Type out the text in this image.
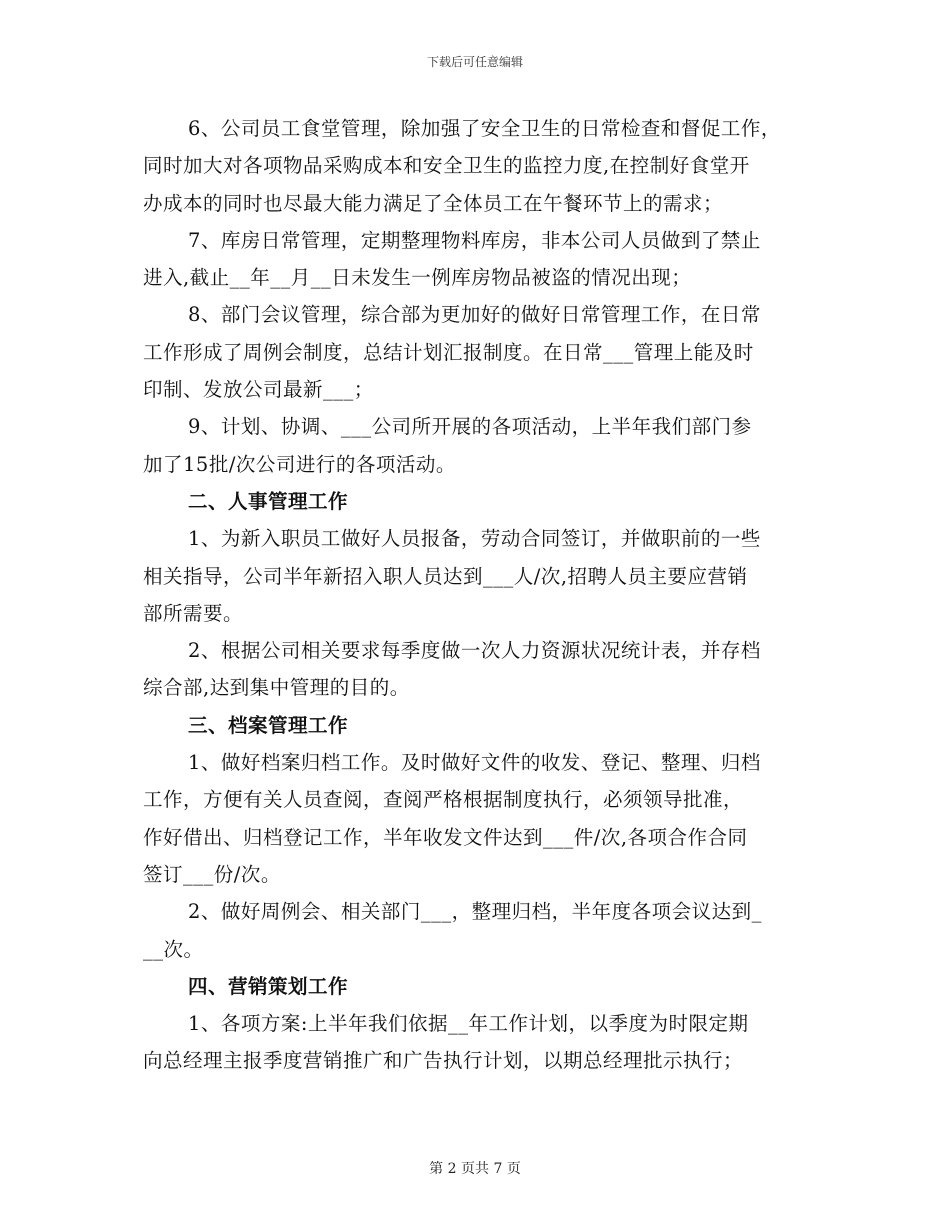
下载后可任意编辑
6、公司员工食堂管理，除加强了安全卫生的日常检查和督促工作，
同时加大对各项物品采购成本和安全卫生的监控力度,在控制好食堂开
办成本的同时也尽最大能力满足了全体员工在午餐环节上的需求；
7、库房日常管理，定期整理物料库房，非本公司人员做到了禁止
进入,截止__年__月__日未发生一例库房物品被盗的情况出现；
8、部门会议管理，综合部为更加好的做好日常管理工作，在日常
工作形成了周例会制度，总结计划汇报制度。在日常___管理上能及时
印制、发放公司最新___；
9、计划、协调、___公司所开展的各项活动，上半年我们部门参
加了15批/次公司进行的各项活动。
二、人事管理工作
1、为新入职员工做好人员报备，劳动合同签订，并做职前的一些
相关指导，公司半年新招入职人员达到___人/次,招聘人员主要应营销
部所需要。
2、根据公司相关要求每季度做一次人力资源状况统计表，并存档
综合部,达到集中管理的目的。
三、档案管理工作
1、做好档案归档工作。及时做好文件的收发、登记、整理、归档
工作，方便有关人员查阅，查阅严格根据制度执行，必须领导批准，
作好借出、归档登记工作，半年收发文件达到___件/次,各项合作合同
签订___份/次。
2、做好周例会、相关部门___，整理归档，半年度各项会议达到_
__次。
四、营销策划工作
1、各项方案:上半年我们依据__年工作计划，以季度为时限定期
向总经理主报季度营销推广和广告执行计划，以期总经理批示执行；
第 2 页共 7 页
